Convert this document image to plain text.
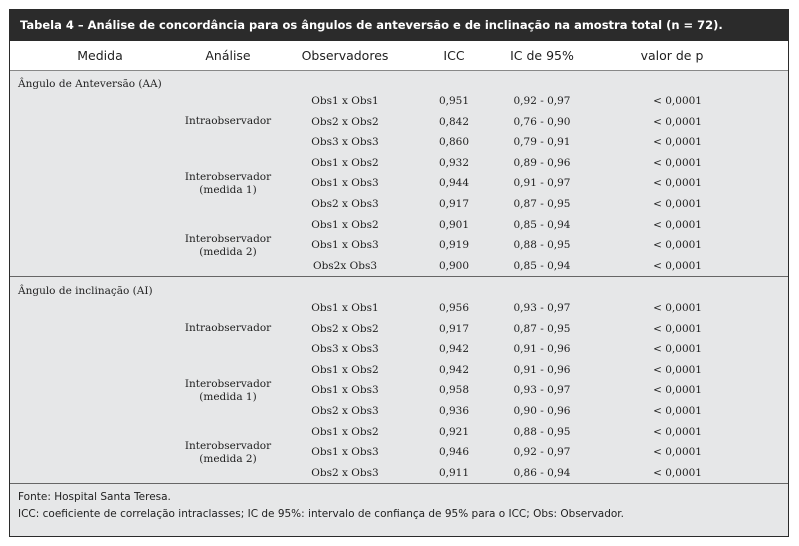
Tabela 4 – Análise de concordância para os ângulos de anteversão e de inclinação na amostra total (n = 72).
Medida	Análise	Observadores	ICC	IC de 95%	valor de p
Ângulo de Anteversão (AA)
Intraobservador
Obs1 x Obs1	0,951	0,92 - 0,97	< 0,0001
Obs2 x Obs2	0,842	0,76 - 0,90	< 0,0001
Obs3 x Obs3	0,860	0,79 - 0,91	< 0,0001
Interobservador
(medida 1)
Obs1 x Obs2	0,932	0,89 - 0,96	< 0,0001
Obs1 x Obs3	0,944	0,91 - 0,97	< 0,0001
Obs2 x Obs3	0,917	0,87 - 0,95	< 0,0001
Interobservador
(medida 2)
Obs1 x Obs2	0,901	0,85 - 0,94	< 0,0001
Obs1 x Obs3	0,919	0,88 - 0,95	< 0,0001
Obs2x Obs3	0,900	0,85 - 0,94	< 0,0001
Ângulo de inclinação (AI)
Intraobservador
Obs1 x Obs1	0,956	0,93 - 0,97	< 0,0001
Obs2 x Obs2	0,917	0,87 - 0,95	< 0,0001
Obs3 x Obs3	0,942	0,91 - 0,96	< 0,0001
Interobservador
(medida 1)
Obs1 x Obs2	0,942	0,91 - 0,96	< 0,0001
Obs1 x Obs3	0,958	0,93 - 0,97	< 0,0001
Obs2 x Obs3	0,936	0,90 - 0,96	< 0,0001
Interobservador
(medida 2)
Obs1 x Obs2	0,921	0,88 - 0,95	< 0,0001
Obs1 x Obs3	0,946	0,92 - 0,97	< 0,0001
Obs2 x Obs3	0,911	0,86 - 0,94	< 0,0001
Fonte: Hospital Santa Teresa.
ICC: coeficiente de correlação intraclasses; IC de 95%: intervalo de confiança de 95% para o ICC; Obs: Observador.
